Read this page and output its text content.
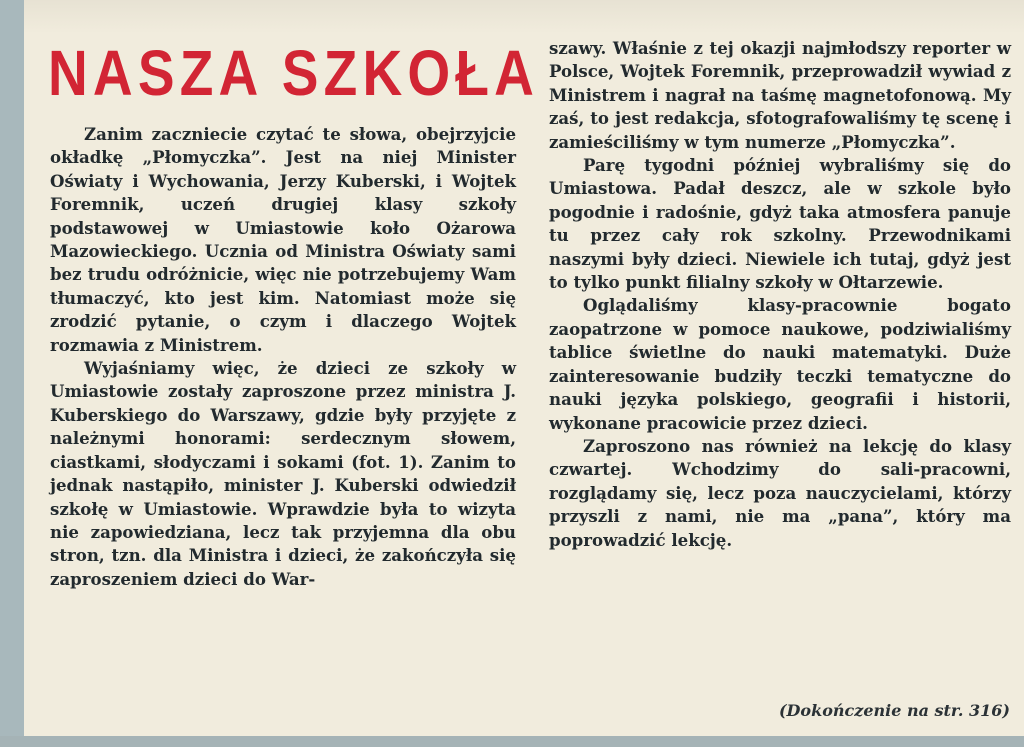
NASZA SZKOŁA

Zanim zaczniecie czytać te słowa, obejrzyjcie okładkę „Płomyczka”. Jest na niej Minister Oświaty i Wychowania, Jerzy Kuberski, i Wojtek Foremnik, uczeń drugiej klasy szkoły podstawowej w Umiastowie koło Ożarowa Mazowieckiego. Ucznia od Ministra Oświaty sami bez trudu odróżnicie, więc nie potrzebujemy Wam tłumaczyć, kto jest kim. Natomiast może się zrodzić pytanie, o czym i dlaczego Wojtek rozmawia z Ministrem.

Wyjaśniamy więc, że dzieci ze szkoły w Umiastowie zostały zaproszone przez ministra J. Kuberskiego do Warszawy, gdzie były przyjęte z należnymi honorami: serdecznym słowem, ciastkami, słodyczami i sokami (fot. 1). Zanim to jednak nastąpiło, minister J. Kuberski odwiedził szkołę w Umiastowie. Wprawdzie była to wizyta nie zapowiedziana, lecz tak przyjemna dla obu stron, tzn. dla Ministra i dzieci, że zakończyła się zaproszeniem dzieci do War-

szawy. Właśnie z tej okazji najmłodszy reporter w Polsce, Wojtek Foremnik, przeprowadził wywiad z Ministrem i nagrał na taśmę magnetofonową. My zaś, to jest redakcja, sfotografowaliśmy tę scenę i zamieściliśmy w tym numerze „Płomyczka”.

Parę tygodni później wybraliśmy się do Umiastowa. Padał deszcz, ale w szkole było pogodnie i radośnie, gdyż taka atmosfera panuje tu przez cały rok szkolny. Przewodnikami naszymi były dzieci. Niewiele ich tutaj, gdyż jest to tylko punkt filialny szkoły w Ołtarzewie.

Oglądaliśmy klasy-pracownie bogato zaopatrzone w pomoce naukowe, podziwialiśmy tablice świetlne do nauki matematyki. Duże zainteresowanie budziły teczki tematyczne do nauki języka polskiego, geografii i historii, wykonane pracowicie przez dzieci.

Zaproszono nas również na lekcję do klasy czwartej. Wchodzimy do sali-pracowni, rozglądamy się, lecz poza nauczycielami, którzy przyszli z nami, nie ma „pana”, który ma poprowadzić lekcję.

(Dokończenie na str. 316)
